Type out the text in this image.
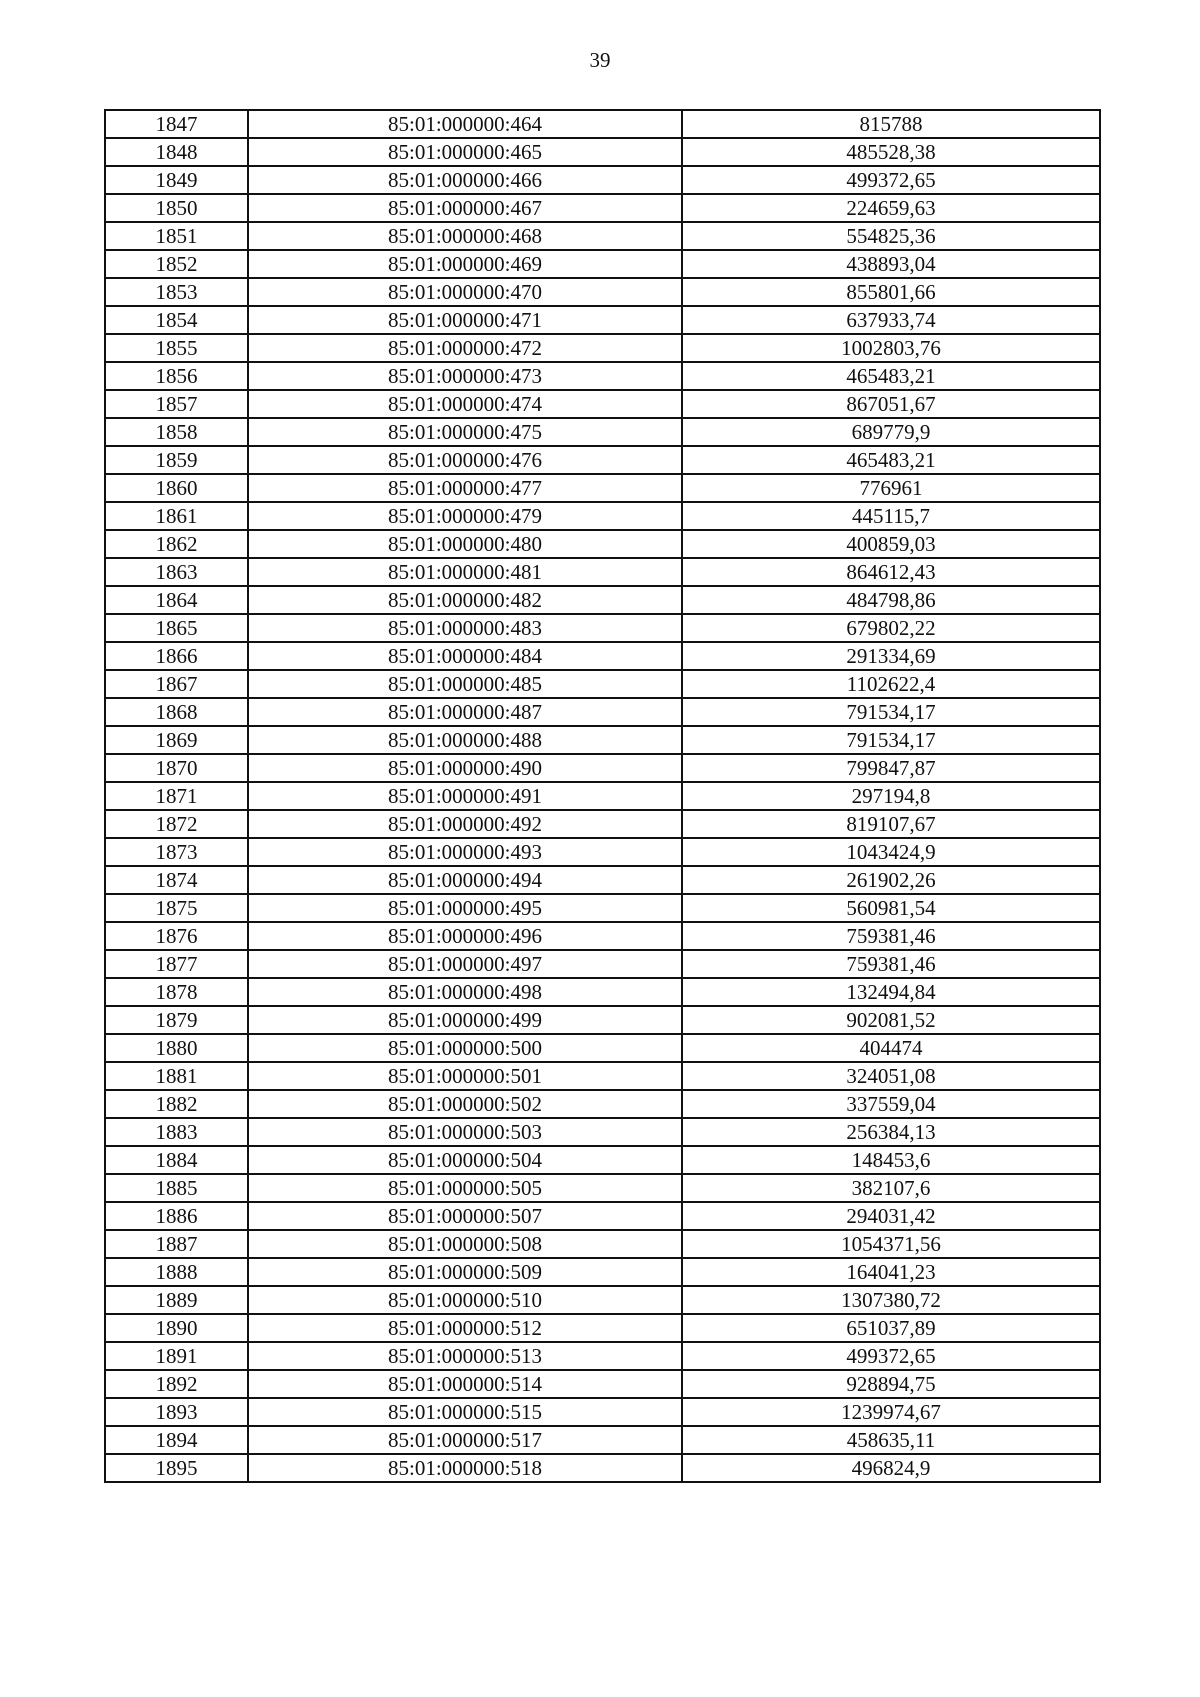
39
1847	85:01:000000:464	815788
1848	85:01:000000:465	485528,38
1849	85:01:000000:466	499372,65
1850	85:01:000000:467	224659,63
1851	85:01:000000:468	554825,36
1852	85:01:000000:469	438893,04
1853	85:01:000000:470	855801,66
1854	85:01:000000:471	637933,74
1855	85:01:000000:472	1002803,76
1856	85:01:000000:473	465483,21
1857	85:01:000000:474	867051,67
1858	85:01:000000:475	689779,9
1859	85:01:000000:476	465483,21
1860	85:01:000000:477	776961
1861	85:01:000000:479	445115,7
1862	85:01:000000:480	400859,03
1863	85:01:000000:481	864612,43
1864	85:01:000000:482	484798,86
1865	85:01:000000:483	679802,22
1866	85:01:000000:484	291334,69
1867	85:01:000000:485	1102622,4
1868	85:01:000000:487	791534,17
1869	85:01:000000:488	791534,17
1870	85:01:000000:490	799847,87
1871	85:01:000000:491	297194,8
1872	85:01:000000:492	819107,67
1873	85:01:000000:493	1043424,9
1874	85:01:000000:494	261902,26
1875	85:01:000000:495	560981,54
1876	85:01:000000:496	759381,46
1877	85:01:000000:497	759381,46
1878	85:01:000000:498	132494,84
1879	85:01:000000:499	902081,52
1880	85:01:000000:500	404474
1881	85:01:000000:501	324051,08
1882	85:01:000000:502	337559,04
1883	85:01:000000:503	256384,13
1884	85:01:000000:504	148453,6
1885	85:01:000000:505	382107,6
1886	85:01:000000:507	294031,42
1887	85:01:000000:508	1054371,56
1888	85:01:000000:509	164041,23
1889	85:01:000000:510	1307380,72
1890	85:01:000000:512	651037,89
1891	85:01:000000:513	499372,65
1892	85:01:000000:514	928894,75
1893	85:01:000000:515	1239974,67
1894	85:01:000000:517	458635,11
1895	85:01:000000:518	496824,9
